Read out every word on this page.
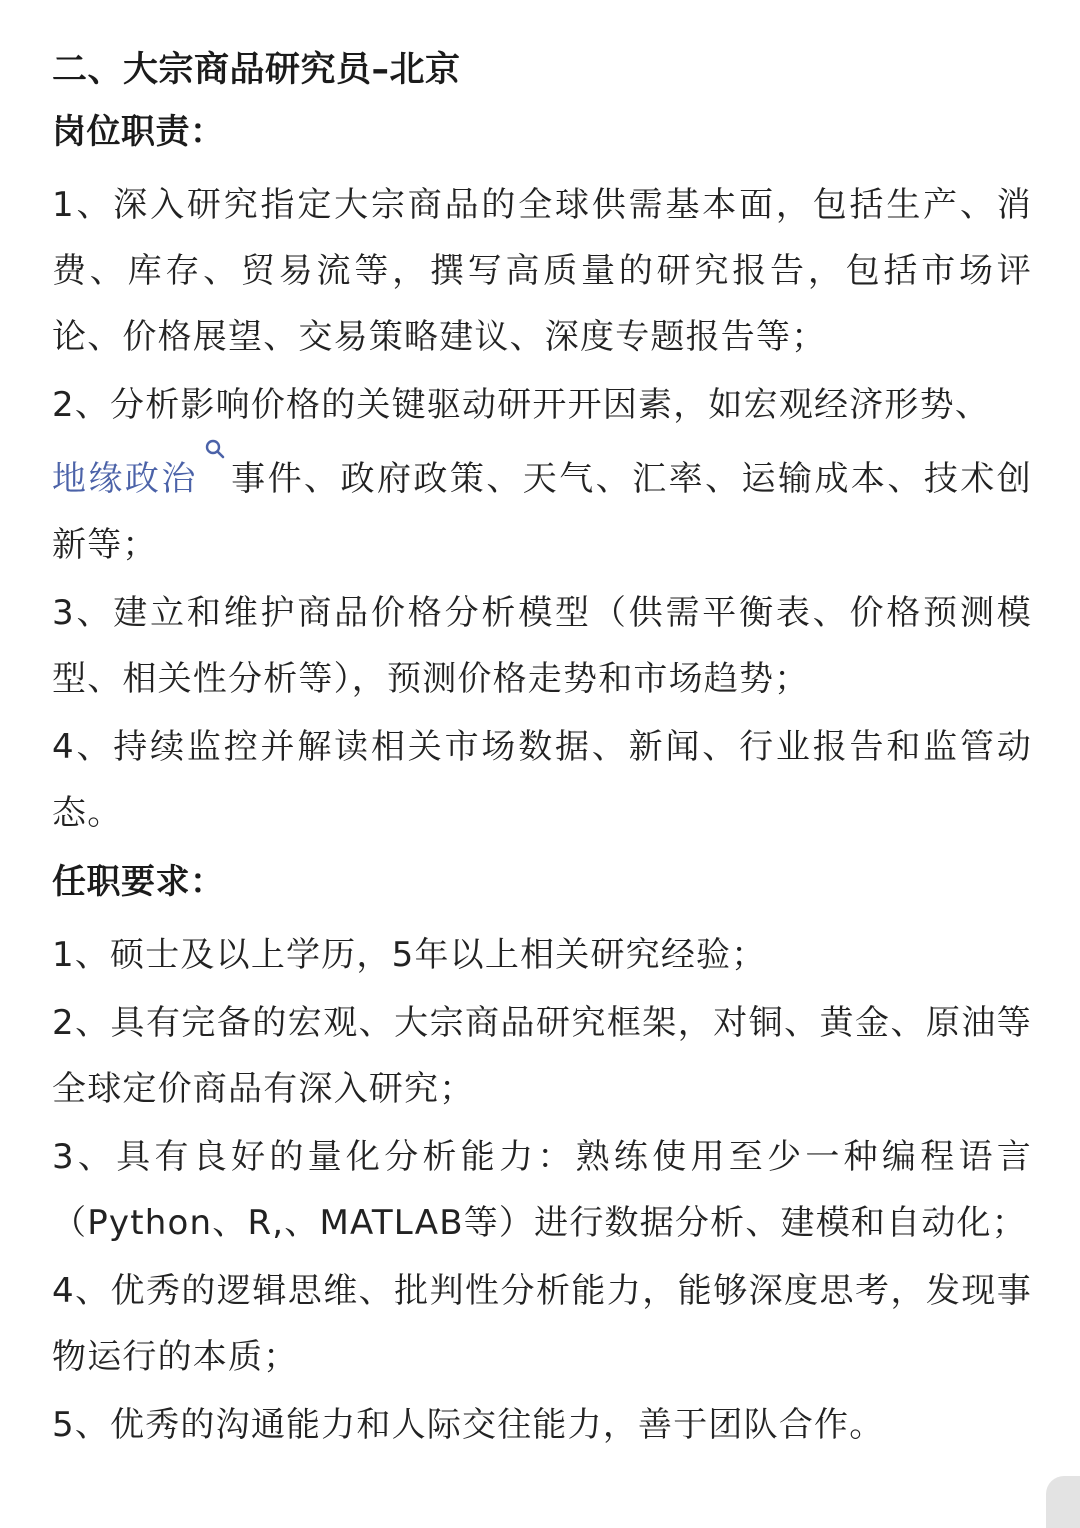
二、大宗商品研究员–北京
岗位职责：

1、深入研究指定大宗商品的全球供需基本面，包括生产、消费、库存、贸易流等，撰写高质量的研究报告，包括市场评论、价格展望、交易策略建议、深度专题报告等；

2、分析影响价格的关键驱动研开开因素，如宏观经济形势、
地缘政治 事件、政府政策、天气、汇率、运输成本、技术创新等；

3、建立和维护商品价格分析模型（供需平衡表、价格预测模型、相关性分析等），预测价格走势和市场趋势；

4、持续监控并解读相关市场数据、新闻、行业报告和监管动态。

任职要求：

1、硕士及以上学历，5年以上相关研究经验；

2、具有完备的宏观、大宗商品研究框架，对铜、黄金、原油等全球定价商品有深入研究；

3、具有良好的量化分析能力：熟练使用至少一种编程语言（Python、R,、MATLAB等）进行数据分析、建模和自动化；

4、优秀的逻辑思维、批判性分析能力，能够深度思考，发现事物运行的本质；

5、优秀的沟通能力和人际交往能力，善于团队合作。
